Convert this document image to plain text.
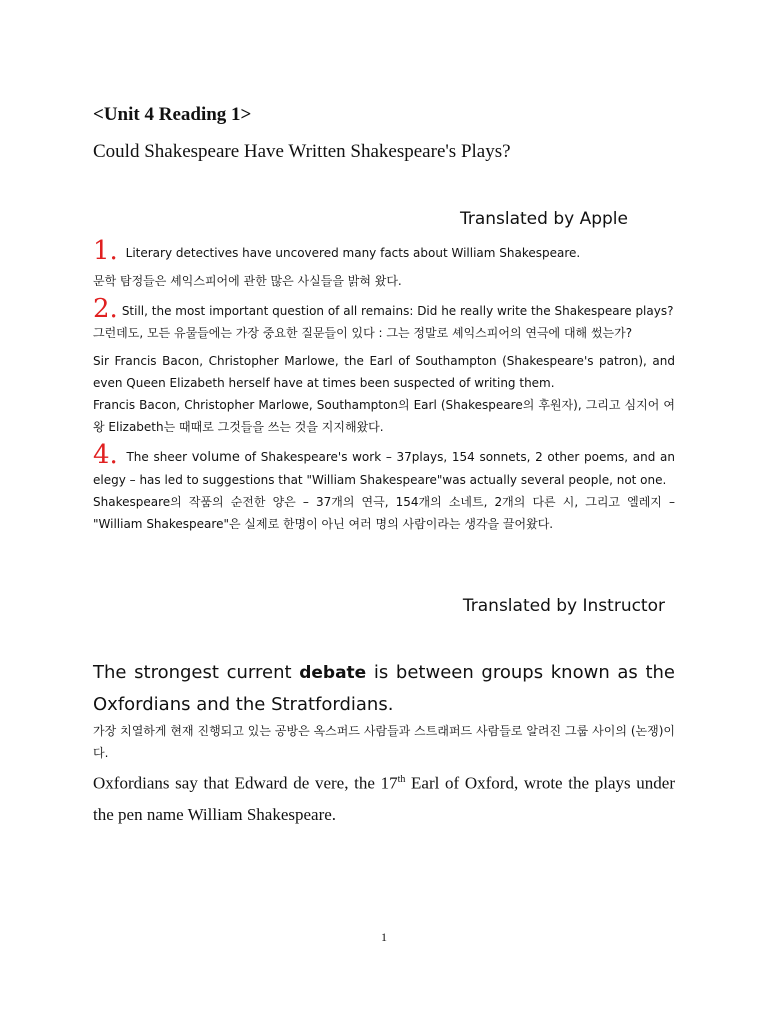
<Unit 4 Reading 1>

Could Shakespeare Have Written Shakespeare's Plays?

Translated by Apple

1. Literary detectives have uncovered many facts about William Shakespeare.

문학 탐정들은 셰익스피어에 관한 많은 사실들을 밝혀 왔다.

2. Still, the most important question of all remains: Did he really write the Shakespeare plays?

그런데도, 모든 유물들에는 가장 중요한 질문들이 있다 : 그는 정말로 셰익스피어의 연극에 대해 썼는가?

Sir Francis Bacon, Christopher Marlowe, the Earl of Southampton (Shakespeare's patron), and even Queen Elizabeth herself have at times been suspected of writing them.

Francis Bacon, Christopher Marlowe, Southampton의 Earl (Shakespeare의 후원자), 그리고 심지어 여왕 Elizabeth는 때때로 그것들을 쓰는 것을 지지해왔다.

4. The sheer volume of Shakespeare's work – 37plays, 154 sonnets, 2 other poems, and an elegy – has led to suggestions that "William Shakespeare"was actually several people, not one.

Shakespeare의 작품의 순전한 양은 – 37개의 연극, 154개의 소네트, 2개의 다른 시, 그리고 엘레지 – "William Shakespeare"은 실제로 한명이 아닌 여러 명의 사람이라는 생각을 끌어왔다.

Translated by Instructor

The strongest current debate is between groups known as the Oxfordians and the Stratfordians.

가장 치열하게 현재 진행되고 있는 공방은 옥스퍼드 사람들과 스트래퍼드 사람들로 알려진 그룹 사이의 (논쟁)이다.

Oxfordians say that Edward de vere, the 17th Earl of Oxford, wrote the plays under the pen name William Shakespeare.

1
